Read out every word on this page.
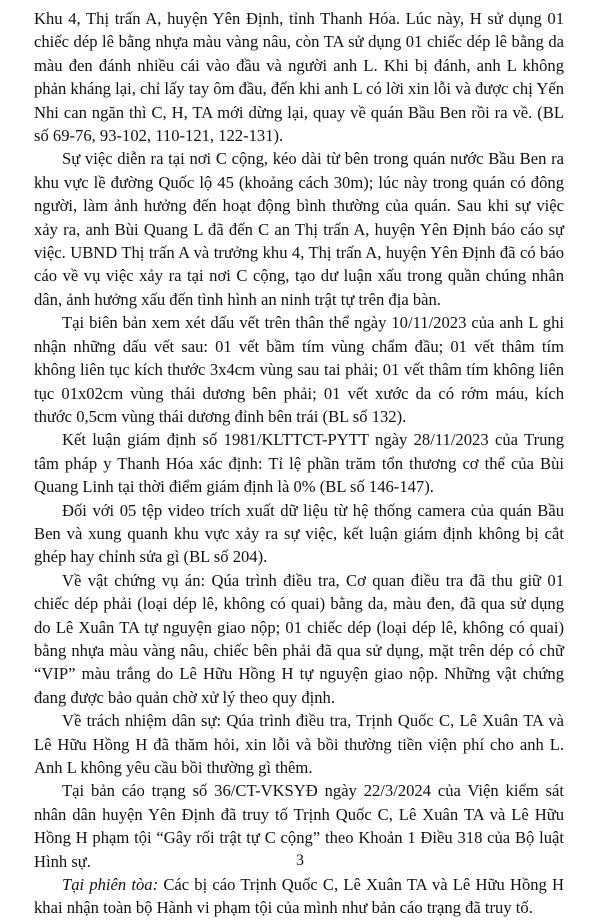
Khu 4, Thị trấn A, huyện Yên Định, tỉnh Thanh Hóa. Lúc này, H sử dụng 01 chiếc dép lê bằng nhựa màu vàng nâu, còn TA sử dụng 01 chiếc dép lê bằng da màu đen đánh nhiều cái vào đầu và người anh L. Khi bị đánh, anh L không phản kháng lại, chỉ lấy tay ôm đầu, đến khi anh L có lời xin lỗi và được chị Yến Nhi can ngăn thì C, H, TA mới dừng lại, quay về quán Bầu Ben rồi ra về. (BL số 69-76, 93-102, 110-121, 122-131).

Sự việc diễn ra tại nơi C cộng, kéo dài từ bên trong quán nước Bầu Ben ra khu vực lề đường Quốc lộ 45 (khoảng cách 30m); lúc này trong quán có đông người, làm ảnh hưởng đến hoạt động bình thường của quán. Sau khi sự việc xảy ra, anh Bùi Quang L đã đến C an Thị trấn A, huyện Yên Định báo cáo sự việc. UBND Thị trấn A và trưởng khu 4, Thị trấn A, huyện Yên Định đã có báo cáo về vụ việc xảy ra tại nơi C cộng, tạo dư luận xấu trong quần chúng nhân dân, ảnh hưởng xấu đến tình hình an ninh trật tự trên địa bàn.

Tại biên bản xem xét dấu vết trên thân thể ngày 10/11/2023 của anh L ghi nhận những dấu vết sau: 01 vết bầm tím vùng chẩm đầu; 01 vết thâm tím không liên tục kích thước 3x4cm vùng sau tai phải; 01 vết thâm tím không liên tục 01x02cm vùng thái dương bên phải; 01 vết xước da có rớm máu, kích thước 0,5cm vùng thái dương đỉnh bên trái (BL số 132).

Kết luận giám định số 1981/KLTTCT-PYTT ngày 28/11/2023 của Trung tâm pháp y Thanh Hóa xác định: Tỉ lệ phần trăm tổn thương cơ thể của Bùi Quang Linh tại thời điểm giám định là 0% (BL số 146-147).

Đối với 05 tệp video trích xuất dữ liệu từ hệ thống camera của quán Bầu Ben và xung quanh khu vực xảy ra sự việc, kết luận giám định không bị cắt ghép hay chỉnh sửa gì (BL số 204).

Về vật chứng vụ án: Qúa trình điều tra, Cơ quan điều tra đã thu giữ 01 chiếc dép phải (loại dép lê, không có quai) bằng da, màu đen, đã qua sử dụng do Lê Xuân TA tự nguyện giao nộp; 01 chiếc dép (loại dép lê, không có quai) bằng nhựa màu vàng nâu, chiếc bên phải đã qua sử dụng, mặt trên dép có chữ “VIP” màu trắng do Lê Hữu Hồng H tự nguyện giao nộp. Những vật chứng đang được bảo quản chờ xử lý theo quy định.

Về trách nhiệm dân sự: Qúa trình điều tra, Trịnh Quốc C, Lê Xuân TA và Lê Hữu Hồng H đã thăm hỏi, xin lỗi và bồi thường tiền viện phí cho anh L. Anh L không yêu cầu bồi thường gì thêm.

Tại bản cáo trạng số 36/CT-VKSYĐ ngày 22/3/2024 của Viện kiểm sát nhân dân huyện Yên Định đã truy tố Trịnh Quốc C, Lê Xuân TA và Lê Hữu Hồng H phạm tội “Gây rối trật tự C cộng” theo Khoản 1 Điều 318 của Bộ luật Hình sự.

Tại phiên tòa: Các bị cáo Trịnh Quốc C, Lê Xuân TA và Lê Hữu Hồng H khai nhận toàn bộ Hành vi phạm tội của mình như bản cáo trạng đã truy tố.

3
